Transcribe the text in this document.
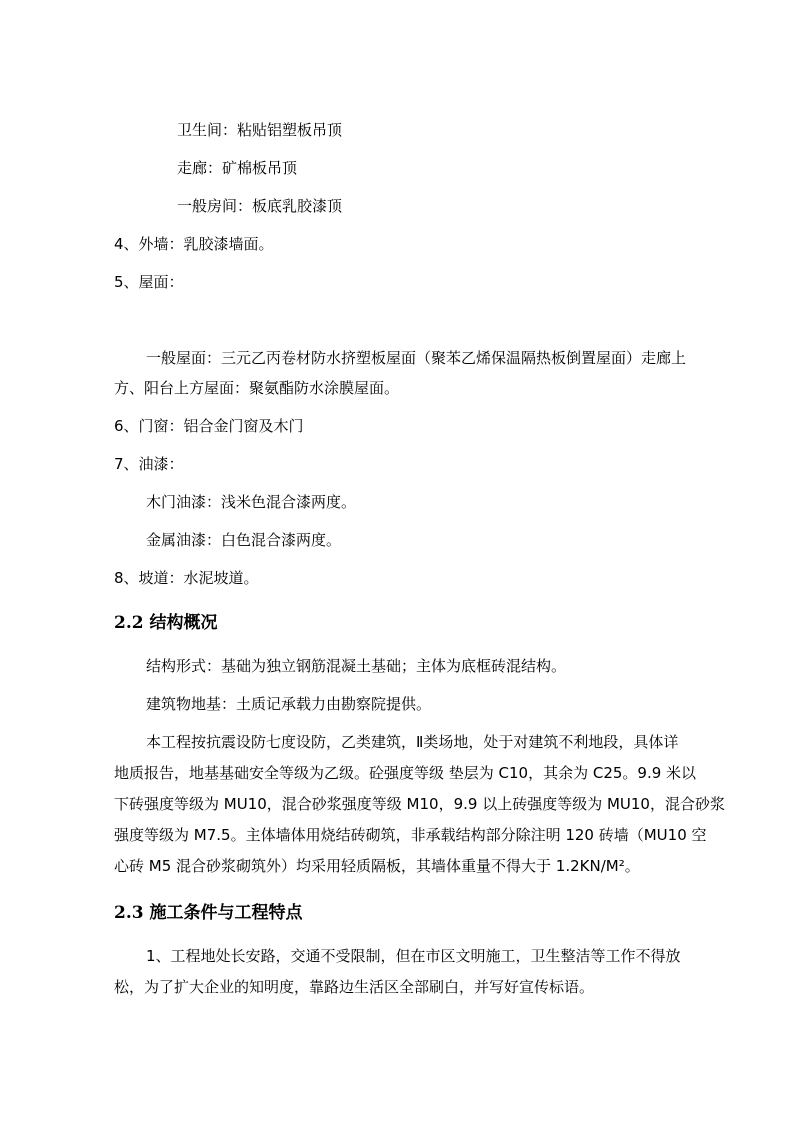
卫生间：粘贴铝塑板吊顶
走廊：矿棉板吊顶
一般房间：板底乳胶漆顶
4、外墙：乳胶漆墙面。
5、屋面：
一般屋面：三元乙丙卷材防水挤塑板屋面（聚苯乙烯保温隔热板倒置屋面）走廊上
方、阳台上方屋面：聚氨酯防水涂膜屋面。
6、门窗：铝合金门窗及木门
7、油漆：
木门油漆：浅米色混合漆两度。
金属油漆：白色混合漆两度。
8、坡道：水泥坡道。
2.2 结构概况
结构形式：基础为独立钢筋混凝土基础；主体为底框砖混结构。
建筑物地基：土质记承载力由勘察院提供。
本工程按抗震设防七度设防，乙类建筑，Ⅱ类场地，处于对建筑不利地段，具体详
地质报告，地基基础安全等级为乙级。砼强度等级 垫层为 C10，其余为 C25。9.9 米以
下砖强度等级为 MU10，混合砂浆强度等级 M10，9.9 以上砖强度等级为 MU10，混合砂浆
强度等级为 M7.5。主体墙体用烧结砖砌筑，非承载结构部分除注明 120 砖墙（MU10 空
心砖 M5 混合砂浆砌筑外）均采用轻质隔板，其墙体重量不得大于 1.2KN/M²。
2.3 施工条件与工程特点
1、工程地处长安路，交通不受限制，但在市区文明施工，卫生整洁等工作不得放
松，为了扩大企业的知明度，靠路边生活区全部刷白，并写好宣传标语。
